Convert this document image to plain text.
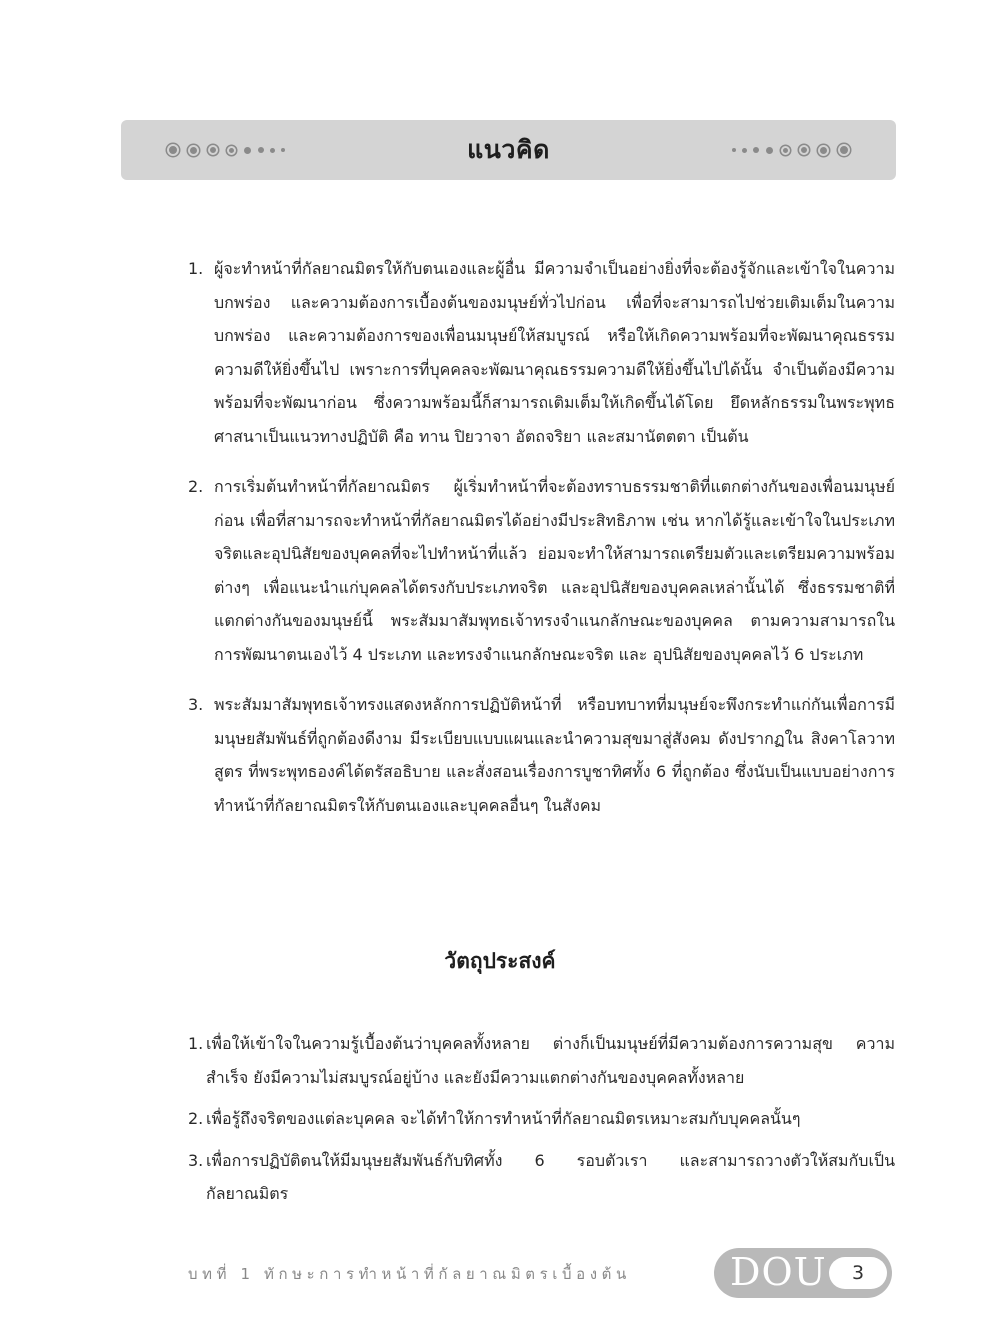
แนวคิด
1. ผู้จะทำหน้าที่กัลยาณมิตรให้กับตนเองและผู้อื่น มีความจำเป็นอย่างยิ่งที่จะต้องรู้จักและเข้าใจในความบกพร่อง และความต้องการเบื้องต้นของมนุษย์ทั่วไปก่อน เพื่อที่จะสามารถไปช่วยเติมเต็มในความบกพร่อง และความต้องการของเพื่อนมนุษย์ให้สมบูรณ์ หรือให้เกิดความพร้อมที่จะพัฒนาคุณธรรม ความดีให้ยิ่งขึ้นไป เพราะการที่บุคคลจะพัฒนาคุณธรรมความดีให้ยิ่งขึ้นไปได้นั้น จำเป็นต้องมีความพร้อมที่จะพัฒนาก่อน ซึ่งความพร้อมนี้ก็สามารถเติมเต็มให้เกิดขึ้นได้โดย ยึดหลักธรรมในพระพุทธศาสนาเป็นแนวทางปฏิบัติ คือ ทาน ปิยวาจา อัตถจริยา และสมานัตตตา เป็นต้น
2. การเริ่มต้นทำหน้าที่กัลยาณมิตร ผู้เริ่มทำหน้าที่จะต้องทราบธรรมชาติที่แตกต่างกันของเพื่อนมนุษย์ก่อน เพื่อที่สามารถจะทำหน้าที่กัลยาณมิตรได้อย่างมีประสิทธิภาพ เช่น หากได้รู้และเข้าใจในประเภท จริตและอุปนิสัยของบุคคลที่จะไปทำหน้าที่แล้ว ย่อมจะทำให้สามารถเตรียมตัวและเตรียมความพร้อมต่างๆ เพื่อแนะนำแก่บุคคลได้ตรงกับประเภทจริต และอุปนิสัยของบุคคลเหล่านั้นได้ ซึ่งธรรมชาติที่แตกต่างกันของมนุษย์นี้ พระสัมมาสัมพุทธเจ้าทรงจำแนกลักษณะของบุคคล ตามความสามารถในการพัฒนาตนเองไว้ 4 ประเภท และทรงจำแนกลักษณะจริต และ อุปนิสัยของบุคคลไว้ 6 ประเภท
3. พระสัมมาสัมพุทธเจ้าทรงแสดงหลักการปฏิบัติหน้าที่ หรือบทบาทที่มนุษย์จะพึงกระทำแก่กันเพื่อการมีมนุษยสัมพันธ์ที่ถูกต้องดีงาม มีระเบียบแบบแผนและนำความสุขมาสู่สังคม ดังปรากฏใน สิงคาโลวาทสูตร ที่พระพุทธองค์ได้ตรัสอธิบาย และสั่งสอนเรื่องการบูชาทิศทั้ง 6 ที่ถูกต้อง ซึ่งนับเป็นแบบอย่างการทำหน้าที่กัลยาณมิตรให้กับตนเองและบุคคลอื่นๆ ในสังคม
วัตถุประสงค์
1. เพื่อให้เข้าใจในความรู้เบื้องต้นว่าบุคคลทั้งหลาย ต่างก็เป็นมนุษย์ที่มีความต้องการความสุข ความสำเร็จ ยังมีความไม่สมบูรณ์อยู่บ้าง และยังมีความแตกต่างกันของบุคคลทั้งหลาย
2. เพื่อรู้ถึงจริตของแต่ละบุคคล จะได้ทำให้การทำหน้าที่กัลยาณมิตรเหมาะสมกับบุคคลนั้นๆ
3. เพื่อการปฏิบัติตนให้มีมนุษยสัมพันธ์กับทิศทั้ง 6 รอบตัวเรา และสามารถวางตัวให้สมกับเป็นกัลยาณมิตร
บทที่ 1 ทักษะการทำหน้าที่กัลยาณมิตรเบื้องต้น	DOU	3
